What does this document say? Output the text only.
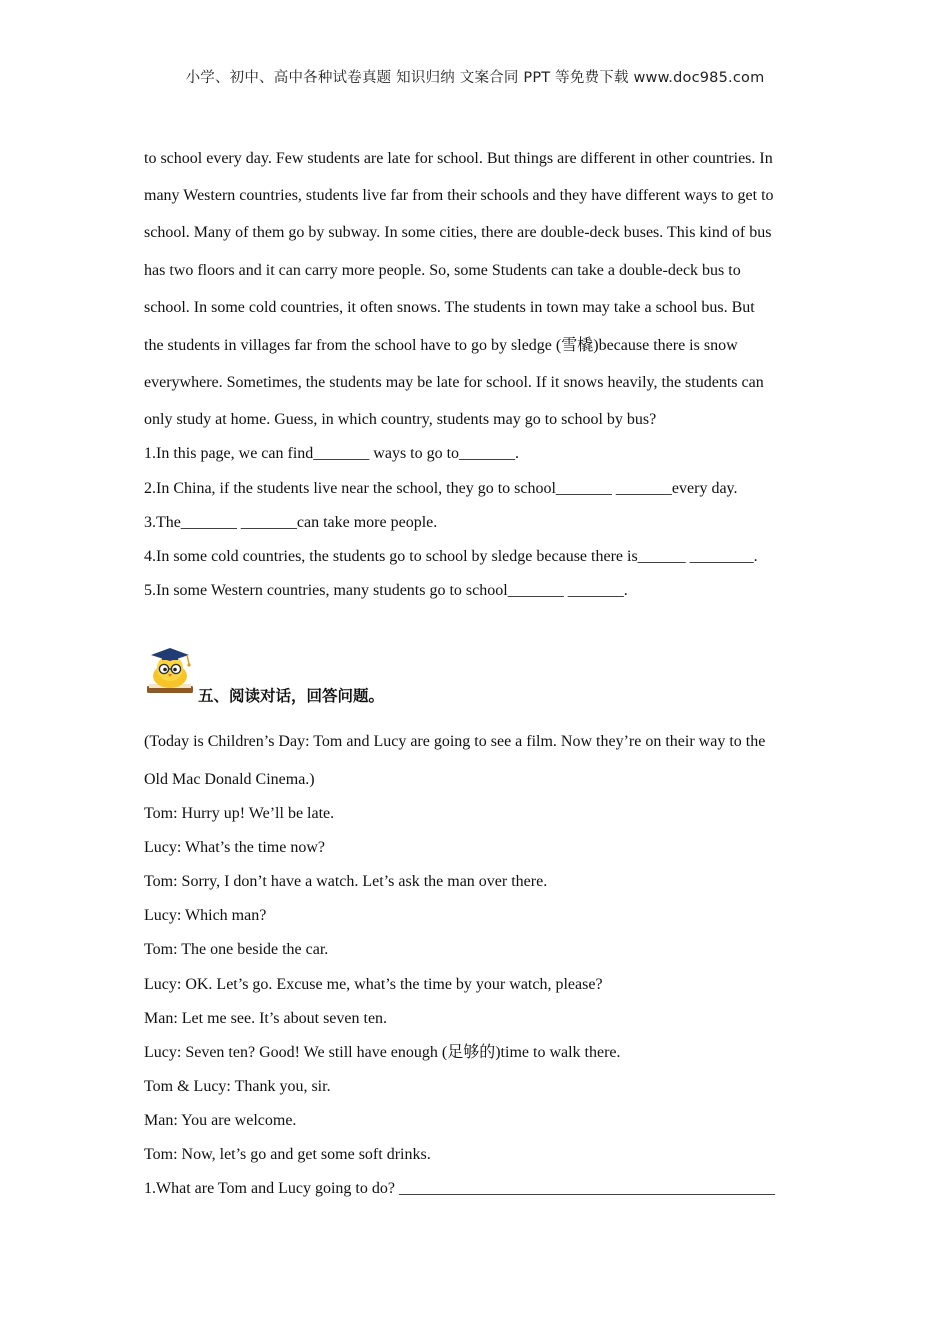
小学、初中、高中各种试卷真题 知识归纳 文案合同 PPT 等免费下载 www.doc985.com
to school every day. Few students are late for school. But things are different in other countries. In
many Western countries, students live far from their schools and they have different ways to get to
school. Many of them go by subway. In some cities, there are double-deck buses. This kind of bus
has two floors and it can carry more people. So, some Students can take a double-deck bus to
school. In some cold countries, it often snows. The students in town may take a school bus. But
the students in villages far from the school have to go by sledge (雪橇)because there is snow
everywhere. Sometimes, the students may be late for school. If it snows heavily, the students can
only study at home. Guess, in which country, students may go to school by bus?
1.In this page, we can find_______ ways to go to_______.
2.In China, if the students live near the school, they go to school_______ _______every day.
3.The_______ _______can take more people.
4.In some cold countries, the students go to school by sledge because there is______ ________.
5.In some Western countries, many students go to school_______ _______.
五、阅读对话，回答问题。
(Today is Children’s Day: Tom and Lucy are going to see a film. Now they’re on their way to the
Old Mac Donald Cinema.)
Tom: Hurry up! We’ll be late.
Lucy: What’s the time now?
Tom: Sorry, I don’t have a watch. Let’s ask the man over there.
Lucy: Which man?
Tom: The one beside the car.
Lucy: OK. Let’s go. Excuse me, what’s the time by your watch, please?
Man: Let me see. It’s about seven ten.
Lucy: Seven ten? Good! We still have enough (足够的)time to walk there.
Tom & Lucy: Thank you, sir.
Man: You are welcome.
Tom: Now, let’s go and get some soft drinks.
1.What are Tom and Lucy going to do? _______________________________________________
